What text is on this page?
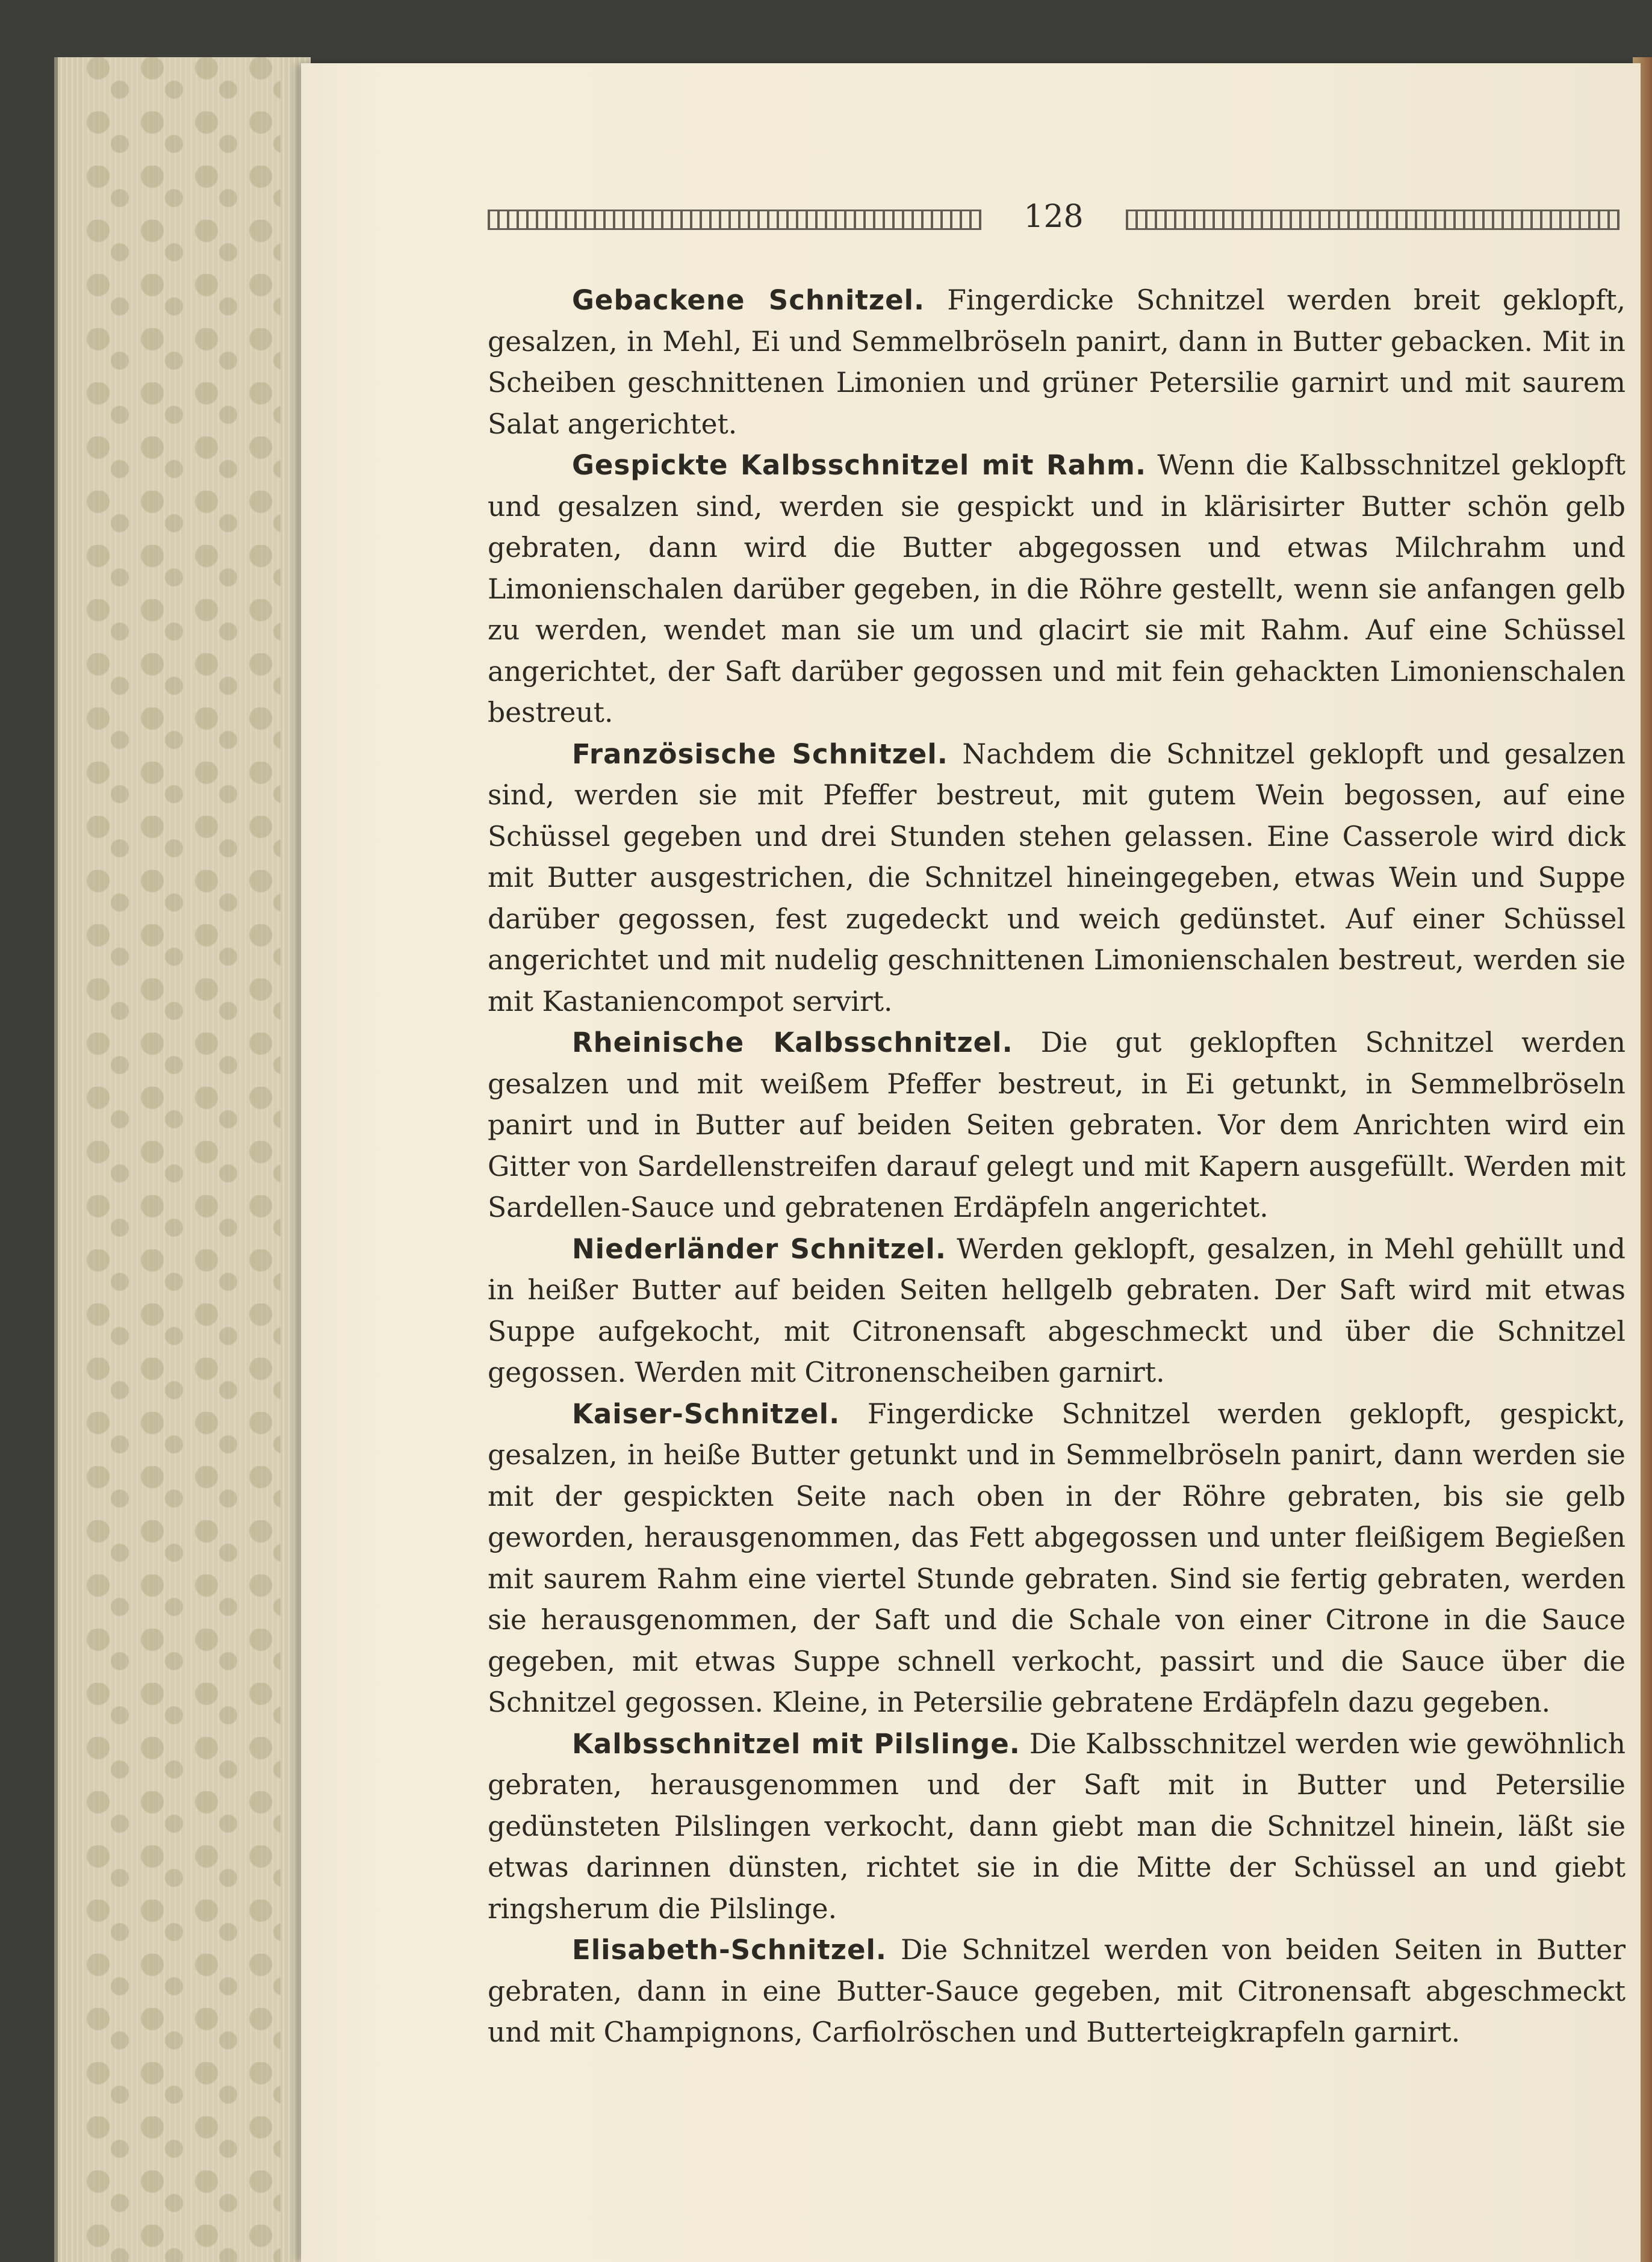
128

Gebackene Schnitzel. Fingerdicke Schnitzel werden breit geklopft, gesalzen, in Mehl, Ei und Semmelbröseln panirt, dann in Butter gebacken. Mit in Scheiben geschnittenen Limonien und grüner Petersilie garnirt und mit saurem Salat angerichtet.

Gespickte Kalbsschnitzel mit Rahm. Wenn die Kalbsschnitzel geklopft und gesalzen sind, werden sie gespickt und in klärisirter Butter schön gelb gebraten, dann wird die Butter abgegossen und etwas Milchrahm und Limonienschalen darüber gegeben, in die Röhre gestellt, wenn sie anfangen gelb zu werden, wendet man sie um und glacirt sie mit Rahm. Auf eine Schüssel angerichtet, der Saft darüber gegossen und mit fein gehackten Limonienschalen bestreut.

Französische Schnitzel. Nachdem die Schnitzel geklopft und gesalzen sind, werden sie mit Pfeffer bestreut, mit gutem Wein begossen, auf eine Schüssel gegeben und drei Stunden stehen gelassen. Eine Casserole wird dick mit Butter ausgestrichen, die Schnitzel hineingegeben, etwas Wein und Suppe darüber gegossen, fest zugedeckt und weich gedünstet. Auf einer Schüssel angerichtet und mit nudelig geschnittenen Limonienschalen bestreut, werden sie mit Kastaniencompot servirt.

Rheinische Kalbsschnitzel. Die gut geklopften Schnitzel werden gesalzen und mit weißem Pfeffer bestreut, in Ei getunkt, in Semmelbröseln panirt und in Butter auf beiden Seiten gebraten. Vor dem Anrichten wird ein Gitter von Sardellenstreifen darauf gelegt und mit Kapern ausgefüllt. Werden mit Sardellen-Sauce und gebratenen Erdäpfeln angerichtet.

Niederländer Schnitzel. Werden geklopft, gesalzen, in Mehl gehüllt und in heißer Butter auf beiden Seiten hellgelb gebraten. Der Saft wird mit etwas Suppe aufgekocht, mit Citronensaft abgeschmeckt und über die Schnitzel gegossen. Werden mit Citronenscheiben garnirt.

Kaiser-Schnitzel. Fingerdicke Schnitzel werden geklopft, gespickt, gesalzen, in heiße Butter getunkt und in Semmelbröseln panirt, dann werden sie mit der gespickten Seite nach oben in der Röhre gebraten, bis sie gelb geworden, herausgenommen, das Fett abgegossen und unter fleißigem Begießen mit saurem Rahm eine viertel Stunde gebraten. Sind sie fertig gebraten, werden sie herausgenommen, der Saft und die Schale von einer Citrone in die Sauce gegeben, mit etwas Suppe schnell verkocht, passirt und die Sauce über die Schnitzel gegossen. Kleine, in Petersilie gebratene Erdäpfeln dazu gegeben.

Kalbsschnitzel mit Pilslinge. Die Kalbsschnitzel werden wie gewöhnlich gebraten, herausgenommen und der Saft mit in Butter und Petersilie gedünsteten Pilslingen verkocht, dann giebt man die Schnitzel hinein, läßt sie etwas darinnen dünsten, richtet sie in die Mitte der Schüssel an und giebt ringsherum die Pilslinge.

Elisabeth-Schnitzel. Die Schnitzel werden von beiden Seiten in Butter gebraten, dann in eine Butter-Sauce gegeben, mit Citronensaft abgeschmeckt und mit Champignons, Carfiolröschen und Butterteigkrapfeln garnirt.
